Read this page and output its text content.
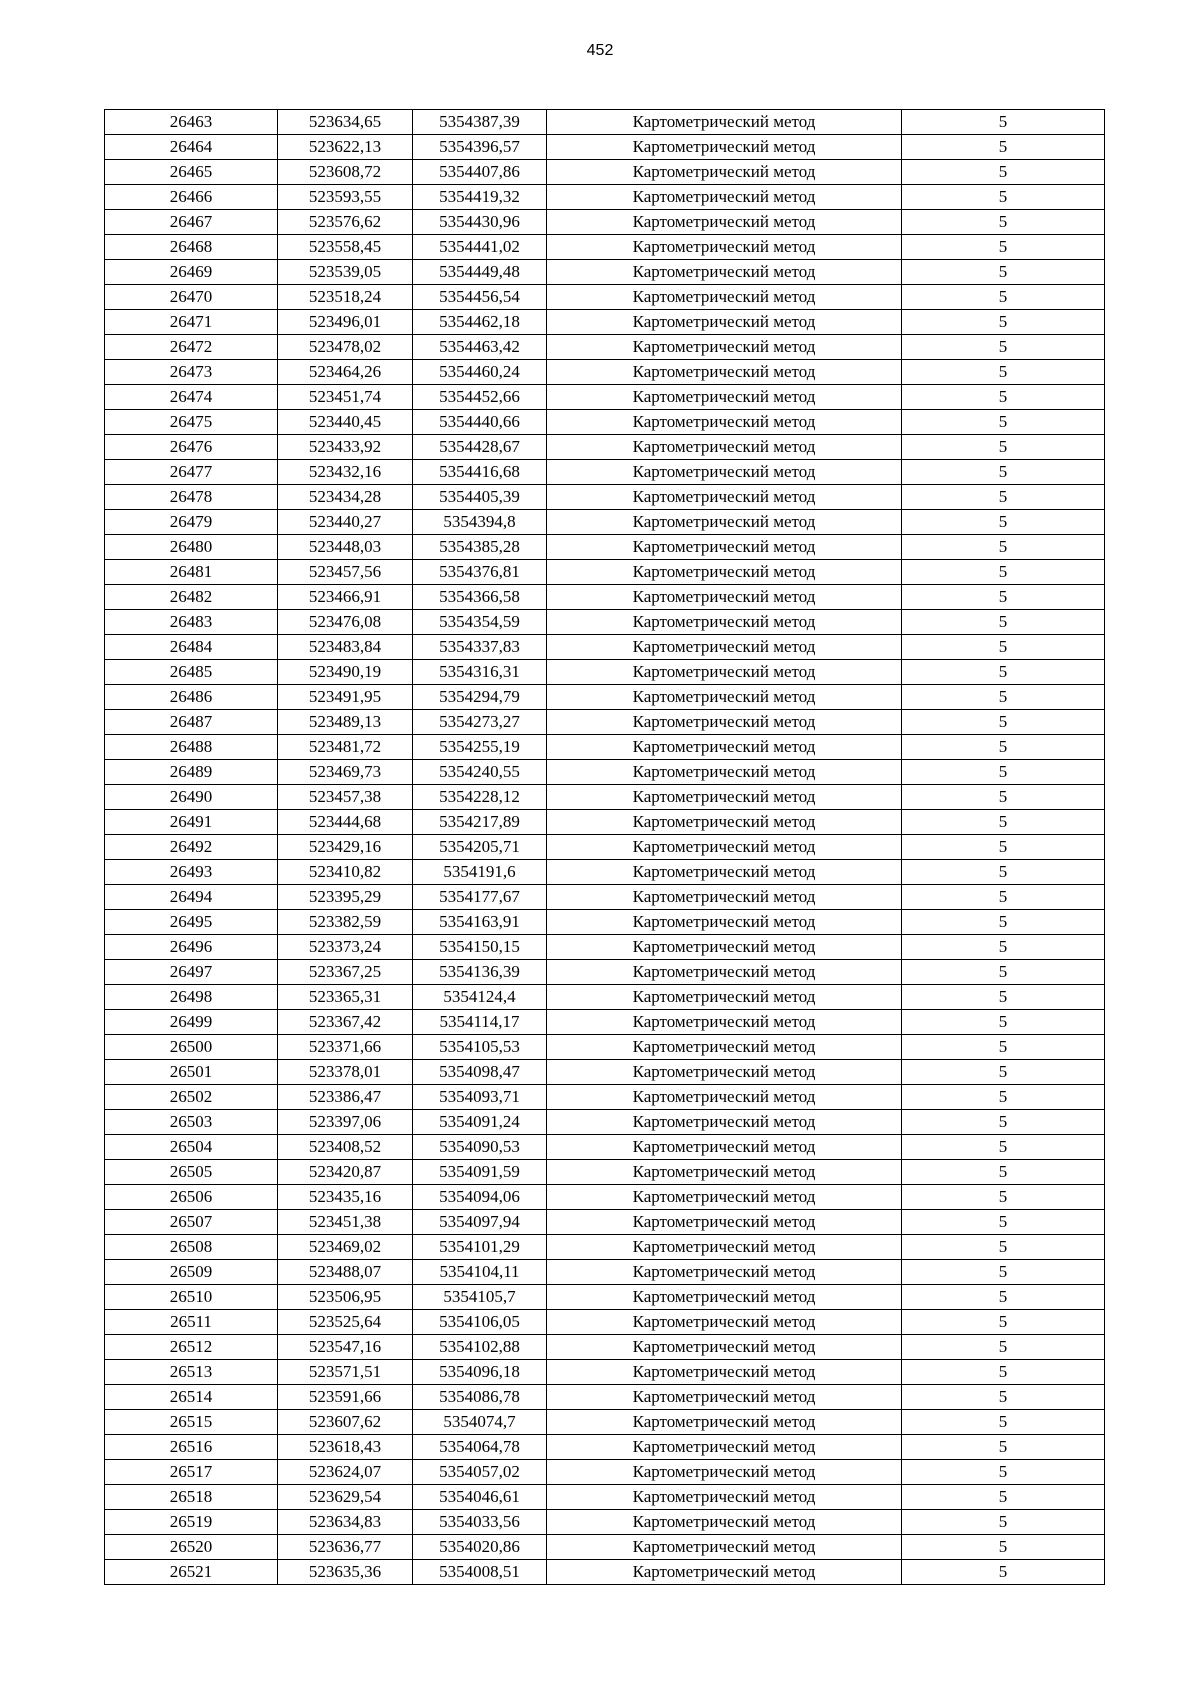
452
26463	523634,65	5354387,39	Картометрический метод	5
26464	523622,13	5354396,57	Картометрический метод	5
26465	523608,72	5354407,86	Картометрический метод	5
26466	523593,55	5354419,32	Картометрический метод	5
26467	523576,62	5354430,96	Картометрический метод	5
26468	523558,45	5354441,02	Картометрический метод	5
26469	523539,05	5354449,48	Картометрический метод	5
26470	523518,24	5354456,54	Картометрический метод	5
26471	523496,01	5354462,18	Картометрический метод	5
26472	523478,02	5354463,42	Картометрический метод	5
26473	523464,26	5354460,24	Картометрический метод	5
26474	523451,74	5354452,66	Картометрический метод	5
26475	523440,45	5354440,66	Картометрический метод	5
26476	523433,92	5354428,67	Картометрический метод	5
26477	523432,16	5354416,68	Картометрический метод	5
26478	523434,28	5354405,39	Картометрический метод	5
26479	523440,27	5354394,8	Картометрический метод	5
26480	523448,03	5354385,28	Картометрический метод	5
26481	523457,56	5354376,81	Картометрический метод	5
26482	523466,91	5354366,58	Картометрический метод	5
26483	523476,08	5354354,59	Картометрический метод	5
26484	523483,84	5354337,83	Картометрический метод	5
26485	523490,19	5354316,31	Картометрический метод	5
26486	523491,95	5354294,79	Картометрический метод	5
26487	523489,13	5354273,27	Картометрический метод	5
26488	523481,72	5354255,19	Картометрический метод	5
26489	523469,73	5354240,55	Картометрический метод	5
26490	523457,38	5354228,12	Картометрический метод	5
26491	523444,68	5354217,89	Картометрический метод	5
26492	523429,16	5354205,71	Картометрический метод	5
26493	523410,82	5354191,6	Картометрический метод	5
26494	523395,29	5354177,67	Картометрический метод	5
26495	523382,59	5354163,91	Картометрический метод	5
26496	523373,24	5354150,15	Картометрический метод	5
26497	523367,25	5354136,39	Картометрический метод	5
26498	523365,31	5354124,4	Картометрический метод	5
26499	523367,42	5354114,17	Картометрический метод	5
26500	523371,66	5354105,53	Картометрический метод	5
26501	523378,01	5354098,47	Картометрический метод	5
26502	523386,47	5354093,71	Картометрический метод	5
26503	523397,06	5354091,24	Картометрический метод	5
26504	523408,52	5354090,53	Картометрический метод	5
26505	523420,87	5354091,59	Картометрический метод	5
26506	523435,16	5354094,06	Картометрический метод	5
26507	523451,38	5354097,94	Картометрический метод	5
26508	523469,02	5354101,29	Картометрический метод	5
26509	523488,07	5354104,11	Картометрический метод	5
26510	523506,95	5354105,7	Картометрический метод	5
26511	523525,64	5354106,05	Картометрический метод	5
26512	523547,16	5354102,88	Картометрический метод	5
26513	523571,51	5354096,18	Картометрический метод	5
26514	523591,66	5354086,78	Картометрический метод	5
26515	523607,62	5354074,7	Картометрический метод	5
26516	523618,43	5354064,78	Картометрический метод	5
26517	523624,07	5354057,02	Картометрический метод	5
26518	523629,54	5354046,61	Картометрический метод	5
26519	523634,83	5354033,56	Картометрический метод	5
26520	523636,77	5354020,86	Картометрический метод	5
26521	523635,36	5354008,51	Картометрический метод	5
